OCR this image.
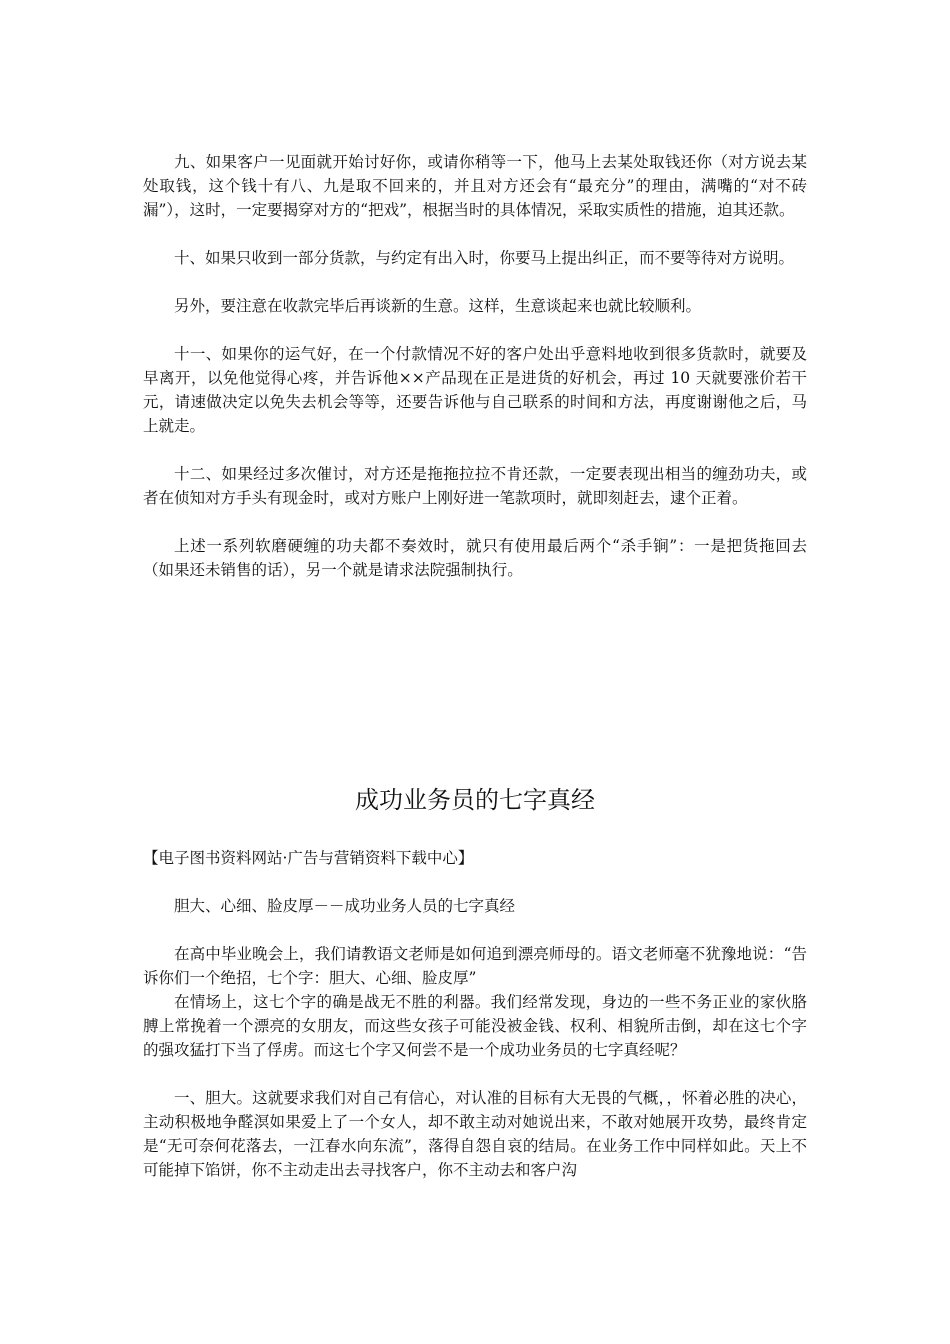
九、如果客户一见面就开始讨好你，或请你稍等一下，他马上去某处取钱还你（对方说去某处取钱，这个钱十有八、九是取不回来的，并且对方还会有“最充分”的理由，满嘴的“对不砖漏”），这时，一定要揭穿对方的“把戏”，根据当时的具体情况，采取实质性的措施，迫其还款。

十、如果只收到一部分货款，与约定有出入时，你要马上提出纠正，而不要等待对方说明。

另外，要注意在收款完毕后再谈新的生意。这样，生意谈起来也就比较顺利。

十一、如果你的运气好，在一个付款情况不好的客户处出乎意料地收到很多货款时，就要及早离开，以免他觉得心疼，并告诉他××产品现在正是进货的好机会，再过 10 天就要涨价若干元，请速做决定以免失去机会等等，还要告诉他与自己联系的时间和方法，再度谢谢他之后，马上就走。

十二、如果经过多次催讨，对方还是拖拖拉拉不肯还款，一定要表现出相当的缠劲功夫，或者在侦知对方手头有现金时，或对方账户上刚好进一笔款项时，就即刻赶去，逮个正着。

上述一系列软磨硬缠的功夫都不奏效时，就只有使用最后两个“杀手锏”：一是把货拖回去（如果还未销售的话），另一个就是请求法院强制执行。

成功业务员的七字真经

【电子图书资料网站·广告与营销资料下载中心】

胆大、心细、脸皮厚－－成功业务人员的七字真经

在高中毕业晚会上，我们请教语文老师是如何追到漂亮师母的。语文老师毫不犹豫地说：“告诉你们一个绝招，七个字：胆大、心细、脸皮厚”

在情场上，这七个字的确是战无不胜的利器。我们经常发现，身边的一些不务正业的家伙胳膊上常挽着一个漂亮的女朋友，而这些女孩子可能没被金钱、权利、相貌所击倒，却在这七个字的强攻猛打下当了俘虏。而这七个字又何尝不是一个成功业务员的七字真经呢？

一、胆大。这就要求我们对自己有信心，对认准的目标有大无畏的气概，，怀着必胜的决心，主动积极地争醛溟如果爱上了一个女人，却不敢主动对她说出来，不敢对她展开攻势，最终肯定是“无可奈何花落去，一江春水向东流”，落得自怨自哀的结局。在业务工作中同样如此。天上不可能掉下馅饼，你不主动走出去寻找客户，你不主动去和客户沟
